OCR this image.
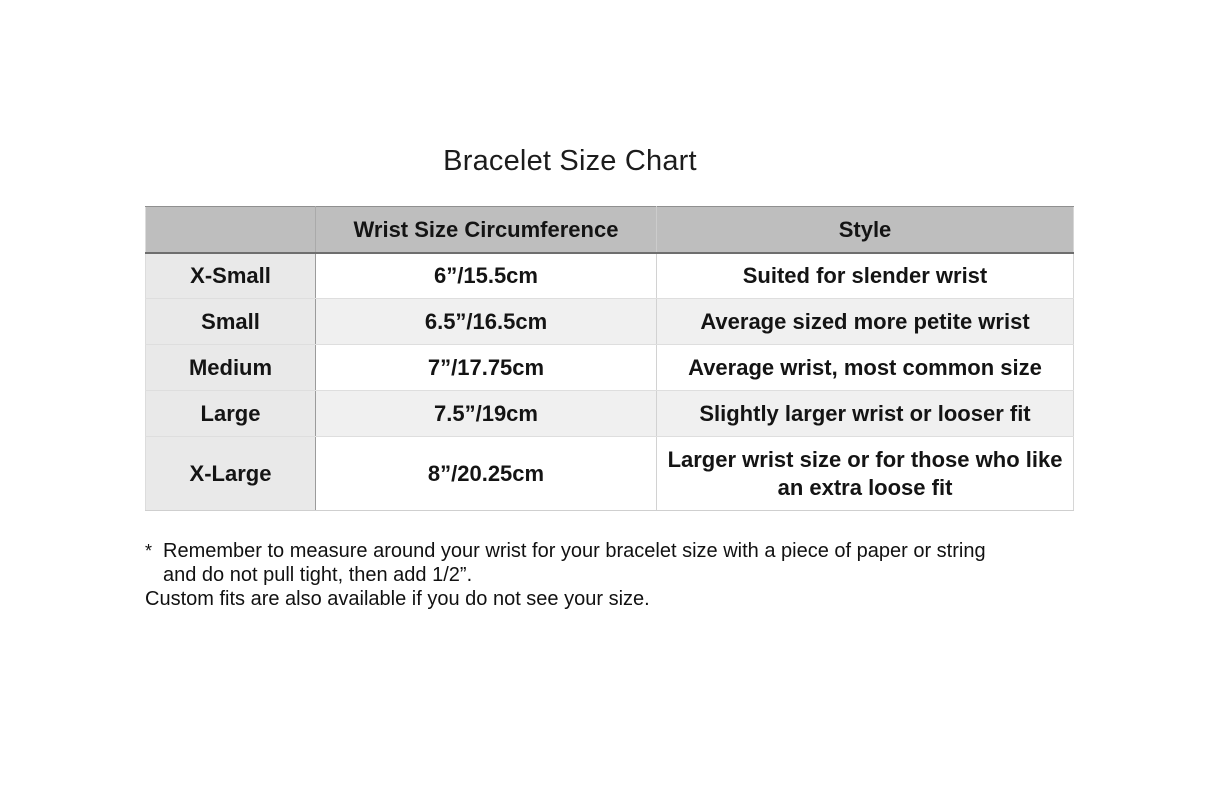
Bracelet Size Chart
	Wrist Size Circumference	Style
X-Small	6”/15.5cm	Suited for slender wrist
Small	6.5”/16.5cm	Average sized more petite wrist
Medium	7”/17.75cm	Average wrist, most common size
Large	7.5”/19cm	Slightly larger wrist or looser fit
X-Large	8”/20.25cm	Larger wrist size or for those who like an extra loose fit
* Remember to measure around your wrist for your bracelet size with a piece of paper or string
and do not pull tight, then add 1/2”.
Custom fits are also available if you do not see your size.
